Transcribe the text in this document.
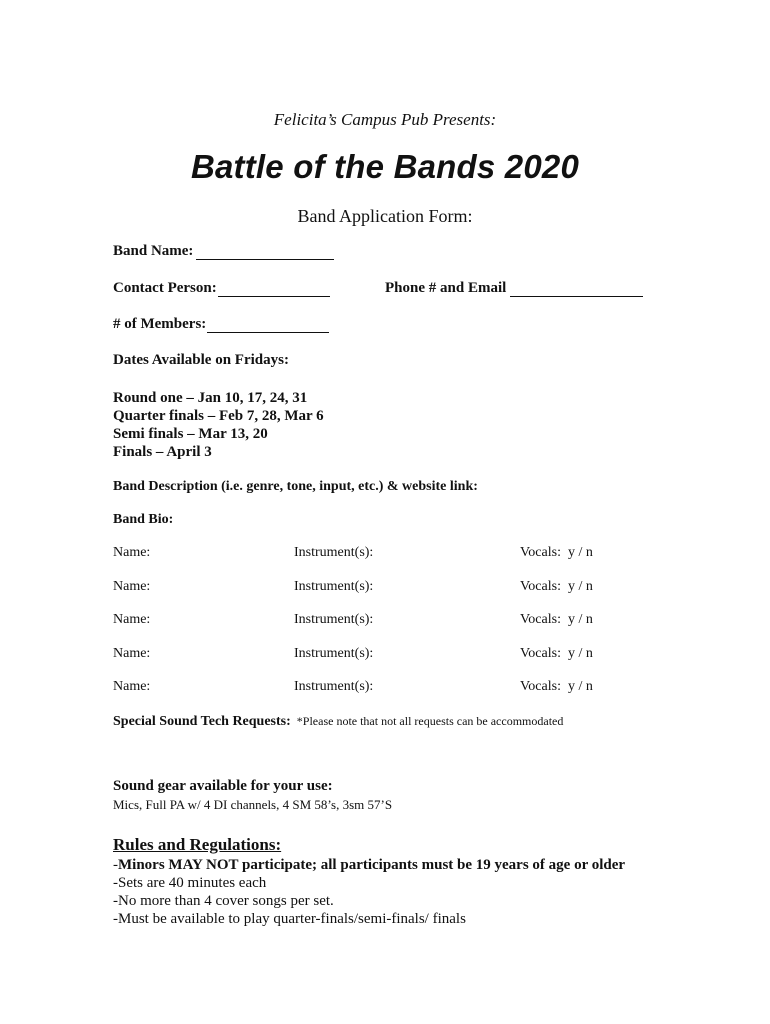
Felicita’s Campus Pub Presents:
Battle of the Bands 2020
Band Application Form:
Band Name:
Contact Person:	Phone # and Email
# of Members:
Dates Available on Fridays:
Round one – Jan 10, 17, 24, 31
Quarter finals – Feb 7, 28, Mar 6
Semi finals – Mar 13, 20
Finals – April 3
Band Description (i.e. genre, tone, input, etc.) & website link:
Band Bio:
Name:	Instrument(s):	Vocals:  y / n
Name:	Instrument(s):	Vocals:  y / n
Name:	Instrument(s):	Vocals:  y / n
Name:	Instrument(s):	Vocals:  y / n
Name:	Instrument(s):	Vocals:  y / n
Special Sound Tech Requests: *Please note that not all requests can be accommodated
Sound gear available for your use:
Mics, Full PA w/ 4 DI channels, 4 SM 58’s, 3sm 57’S
Rules and Regulations:
-Minors MAY NOT participate; all participants must be 19 years of age or older
-Sets are 40 minutes each
-No more than 4 cover songs per set.
-Must be available to play quarter-finals/semi-finals/ finals
